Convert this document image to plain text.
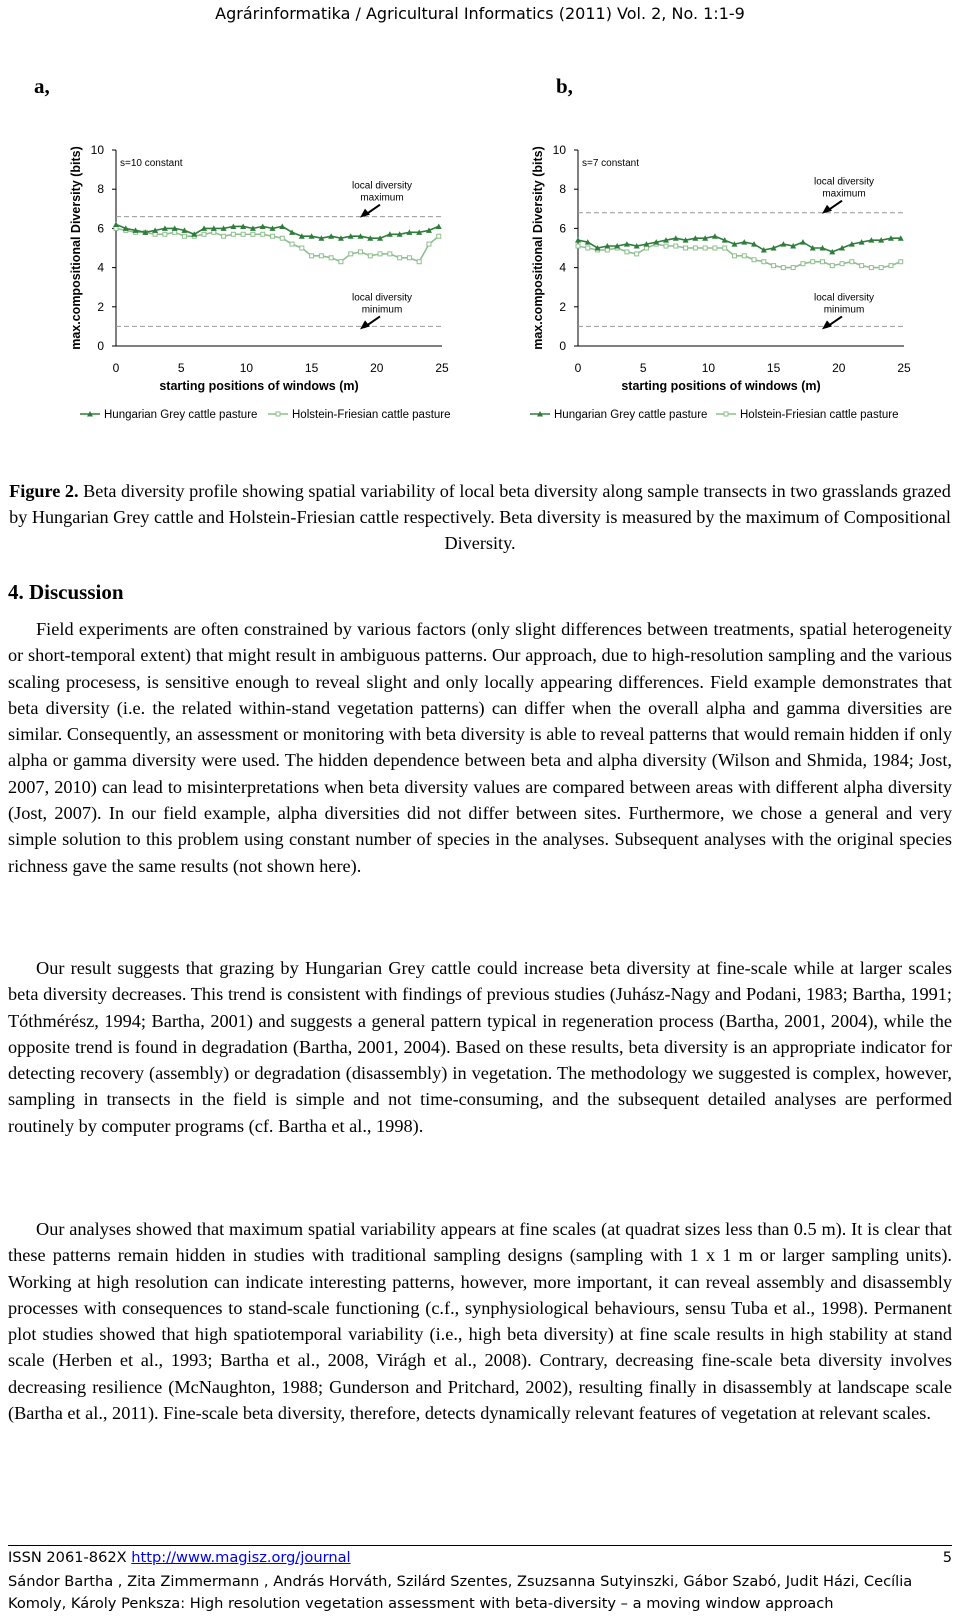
Agrárinformatika / Agricultural Informatics (2011) Vol. 2, No. 1:1-9
a,	b,
0
2
4
6
8
10
0	5	10	15	20	25
starting positions of windows (m)
max.compositional Diversity (bits)	s=10 constant
local diversity
maximum
local diversity
minimum
Hungarian Grey cattle pasture	Holstein-Friesian cattle pasture
0
2
4
6
8
10
0	5	10	15	20	25
starting positions of windows (m)
max.compositional Diversity (bits)	s=7 constant
local diversity
maximum
local diversity
minimum
Hungarian Grey cattle pasture	Holstein-Friesian cattle pasture
Figure 2. Beta diversity profile showing spatial variability of local beta diversity along sample transects in two grasslands grazed by Hungarian Grey cattle and Holstein-Friesian cattle respectively. Beta diversity is measured by the maximum of Compositional Diversity.
4. Discussion

Field experiments are often constrained by various factors (only slight differences between treatments, spatial heterogeneity or short-temporal extent) that might result in ambiguous patterns. Our approach, due to high-resolution sampling and the various scaling procesess, is sensitive enough to reveal slight and only locally appearing differences. Field example demonstrates that beta diversity (i.e. the related within-stand vegetation patterns) can differ when the overall alpha and gamma diversities are similar. Consequently, an assessment or monitoring with beta diversity is able to reveal patterns that would remain hidden if only alpha or gamma diversity were used. The hidden dependence between beta and alpha diversity (Wilson and Shmida, 1984; Jost, 2007, 2010) can lead to misinterpretations when beta diversity values are compared between areas with different alpha diversity (Jost, 2007). In our field example, alpha diversities did not differ between sites. Furthermore, we chose a general and very simple solution to this problem using constant number of species in the analyses. Subsequent analyses with the original species richness gave the same results (not shown here).

Our result suggests that grazing by Hungarian Grey cattle could increase beta diversity at fine-scale while at larger scales beta diversity decreases. This trend is consistent with findings of previous studies (Juhász-Nagy and Podani, 1983; Bartha, 1991; Tóthmérész, 1994; Bartha, 2001) and suggests a general pattern typical in regeneration process (Bartha, 2001, 2004), while the opposite trend is found in degradation (Bartha, 2001, 2004). Based on these results, beta diversity is an appropriate indicator for detecting recovery (assembly) or degradation (disassembly) in vegetation. The methodology we suggested is complex, however, sampling in transects in the field is simple and not time-consuming, and the subsequent detailed analyses are performed routinely by computer programs (cf. Bartha et al., 1998).

Our analyses showed that maximum spatial variability appears at fine scales (at quadrat sizes less than 0.5 m). It is clear that these patterns remain hidden in studies with traditional sampling designs (sampling with 1 x 1 m or larger sampling units). Working at high resolution can indicate interesting patterns, however, more important, it can reveal assembly and disassembly processes with consequences to stand-scale functioning (c.f., synphysiological behaviours, sensu Tuba et al., 1998). Permanent plot studies showed that high spatiotemporal variability (i.e., high beta diversity) at fine scale results in high stability at stand scale (Herben et al., 1993; Bartha et al., 2008, Virágh et al., 2008). Contrary, decreasing fine-scale beta diversity involves decreasing resilience (McNaughton, 1988; Gunderson and Pritchard, 2002), resulting finally in disassembly at landscape scale (Bartha et al., 2011). Fine-scale beta diversity, therefore, detects dynamically relevant features of vegetation at relevant scales.

ISSN 2061-862X http://www.magisz.org/journal	5
Sándor Bartha , Zita Zimmermann , András Horváth, Szilárd Szentes, Zsuzsanna Sutyinszki, Gábor Szabó, Judit Házi, Cecília
Komoly, Károly Penksza: High resolution vegetation assessment with beta-diversity – a moving window approach
